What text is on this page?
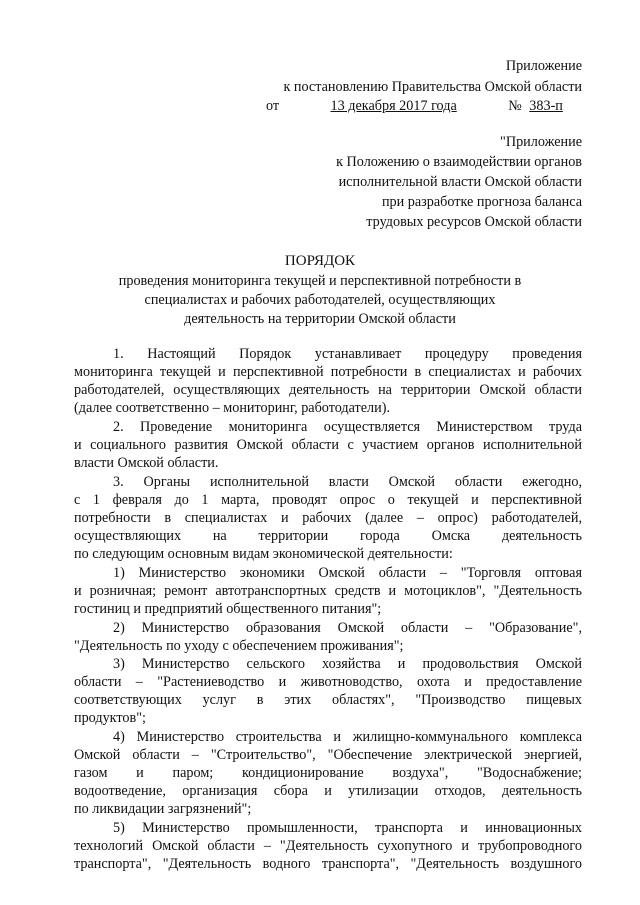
Приложение
к постановлению Правительства Омской области
от	13 декабря 2017 года	№ 383-п
"Приложение
к Положению о взаимодействии органов
исполнительной власти Омской области
при разработке прогноза баланса
трудовых ресурсов Омской области
ПОРЯДОК
проведения мониторинга текущей и перспективной потребности в
специалистах и рабочих работодателей, осуществляющих
деятельность на территории Омской области
1. Настоящий Порядок устанавливает процедуру проведения
мониторинга текущей и перспективной потребности в специалистах и рабочих
работодателей, осуществляющих деятельность на территории Омской области
(далее соответственно – мониторинг, работодатели).
2. Проведение мониторинга осуществляется Министерством труда
и социального развития Омской области с участием органов исполнительной
власти Омской области.
3. Органы исполнительной власти Омской области ежегодно,
с 1 февраля до 1 марта, проводят опрос о текущей и перспективной
потребности в специалистах и рабочих (далее – опрос) работодателей,
осуществляющих на территории города Омска деятельность
по следующим основным видам экономической деятельности:
1) Министерство экономики Омской области – "Торговля оптовая
и розничная; ремонт автотранспортных средств и мотоциклов", "Деятельность
гостиниц и предприятий общественного питания";
2) Министерство образования Омской области – "Образование",
"Деятельность по уходу с обеспечением проживания";
3) Министерство сельского хозяйства и продовольствия Омской
области – "Растениеводство и животноводство, охота и предоставление
соответствующих услуг в этих областях", "Производство пищевых
продуктов";
4) Министерство строительства и жилищно-коммунального комплекса
Омской области – "Строительство", "Обеспечение электрической энергией,
газом и паром; кондиционирование воздуха", "Водоснабжение;
водоотведение, организация сбора и утилизации отходов, деятельность
по ликвидации загрязнений";
5) Министерство промышленности, транспорта и инновационных
технологий Омской области – "Деятельность сухопутного и трубопроводного
транспорта", "Деятельность водного транспорта", "Деятельность воздушного
